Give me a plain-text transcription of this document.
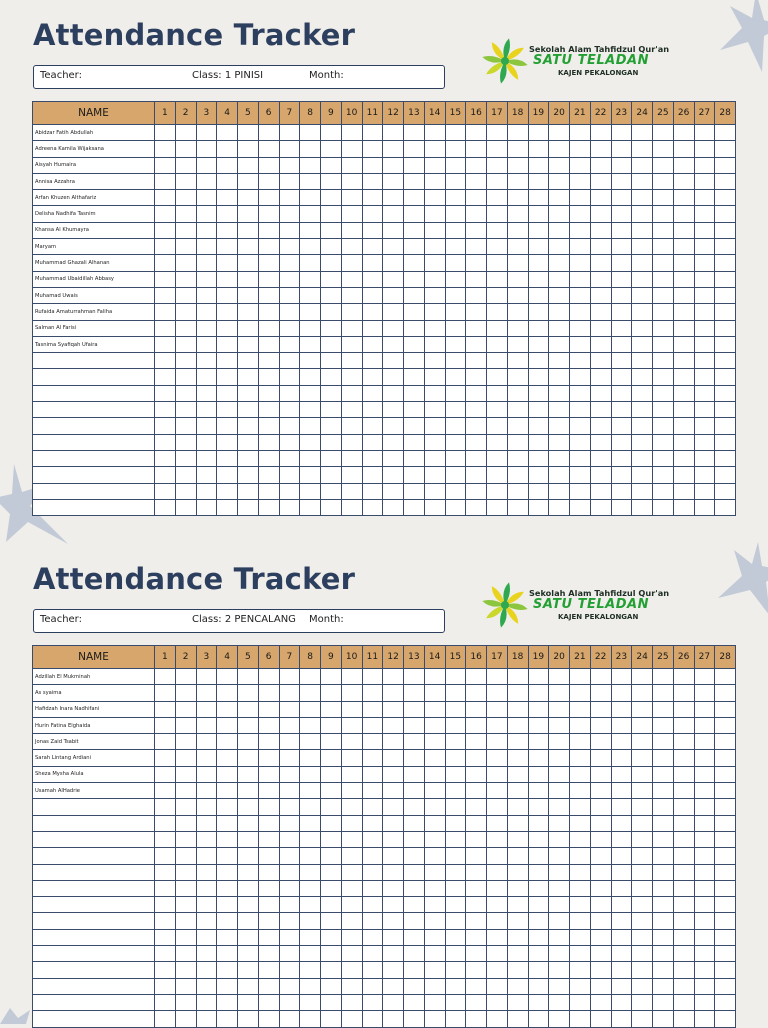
Attendance Tracker
Teacher:	Class: 1 PINISI	Month:
Sekolah Alam Tahfidzul Qur'an
SATU TELADAN
KAJEN PEKALONGAN
NAME	1	2	3	4	5	6	7	8	9	10	11	12	13	14	15	16	17	18	19	20	21	22	23	24	25	26	27	28
Abidzar Fatih Abdullah																												
Adreena Kamila Wijaksana																												
Aisyah Humaira																												
Annisa Azzahra																												
Arfan Khuzen Althafariz																												
Delisha Nadhifa Tasnim																												
Khansa Al Khumayra																												
Maryam																												
Muhammad Ghazali Alhanan																												
Muhammad Ubaidillah Abbasy																												
Muhamad Uwais																												
Rufaida Amaturrahman Faliha																												
Salman Al Farisi																												
Tasnima Syafiqah Ufaira																												

Attendance Tracker
Teacher:	Class: 2 PENCALANG Month:
Sekolah Alam Tahfidzul Qur'an
SATU TELADAN
KAJEN PEKALONGAN
NAME	1	2	3	4	5	6	7	8	9	10	11	12	13	14	15	16	17	18	19	20	21	22	23	24	25	26	27	28
Adzillah El Mukminah																												
As syaima																												
Hafidzah Inara Nadhifani																												
Hurin Fatina Elghaida																												
Jonas Zaid Tsabit																												
Sarah Lintang Ardiani																												
Sheza Mysha Alula																												
Usamah AlHadrie																												
